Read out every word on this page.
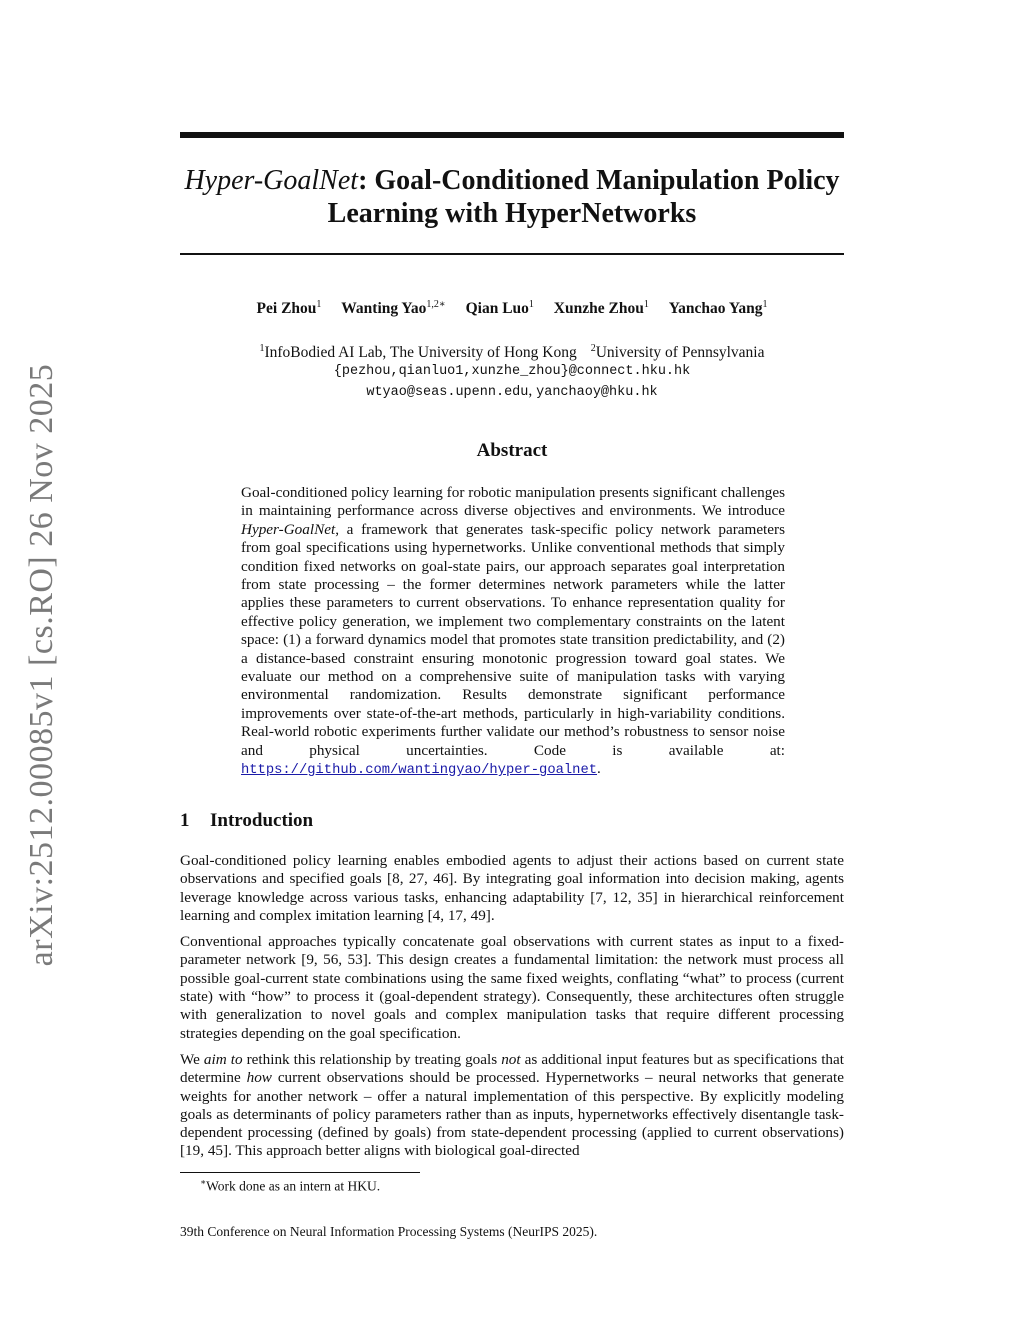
arXiv:2512.00085v1 [cs.RO] 26 Nov 2025
Hyper-GoalNet: Goal-Conditioned Manipulation Policy Learning with HyperNetworks
Pei Zhou$^1$ Wanting Yao$^{1,2∗}$ Qian Luo$^1$ Xunzhe Zhou$^1$ Yanchao Yang$^1$
$^1$InfoBodied AI Lab, The University of Hong Kong $^2$University of Pennsylvania
{pezhou,qianluo1,xunzhe_zhou}@connect.hku.hk
wtyao@seas.upenn.edu, yanchaoy@hku.hk
Abstract
Goal-conditioned policy learning for robotic manipulation presents significant challenges in maintaining performance across diverse objectives and environments. We introduce Hyper-GoalNet, a framework that generates task-specific policy network parameters from goal specifications using hypernetworks. Unlike conventional methods that simply condition fixed networks on goal-state pairs, our approach separates goal interpretation from state processing – the former determines network parameters while the latter applies these parameters to current observations. To enhance representation quality for effective policy generation, we implement two complementary constraints on the latent space: (1) a forward dynamics model that promotes state transition predictability, and (2) a distance-based constraint ensuring monotonic progression toward goal states. We evaluate our method on a comprehensive suite of manipulation tasks with varying environmental randomization. Results demonstrate significant performance improvements over state-of-the-art methods, particularly in high-variability conditions. Real-world robotic experiments further validate our method’s robustness to sensor noise and physical uncertainties. Code is available at: https://github.com/wantingyao/hyper-goalnet.
1 Introduction

Goal-conditioned policy learning enables embodied agents to adjust their actions based on current state observations and specified goals [8, 27, 46]. By integrating goal information into decision making, agents leverage knowledge across various tasks, enhancing adaptability [7, 12, 35] in hierarchical reinforcement learning and complex imitation learning [4, 17, 49].

Conventional approaches typically concatenate goal observations with current states as input to a fixed-parameter network [9, 56, 53]. This design creates a fundamental limitation: the network must process all possible goal-current state combinations using the same fixed weights, conflating “what” to process (current state) with “how” to process it (goal-dependent strategy). Consequently, these architectures often struggle with generalization to novel goals and complex manipulation tasks that require different processing strategies depending on the goal specification.

We aim to rethink this relationship by treating goals not as additional input features but as specifications that determine how current observations should be processed. Hypernetworks – neural networks that generate weights for another network – offer a natural implementation of this perspective. By explicitly modeling goals as determinants of policy parameters rather than as inputs, hypernetworks effectively disentangle task-dependent processing (defined by goals) from state-dependent processing (applied to current observations) [19, 45]. This approach better aligns with biological goal-directed

∗Work done as an intern at HKU.
39th Conference on Neural Information Processing Systems (NeurIPS 2025).
